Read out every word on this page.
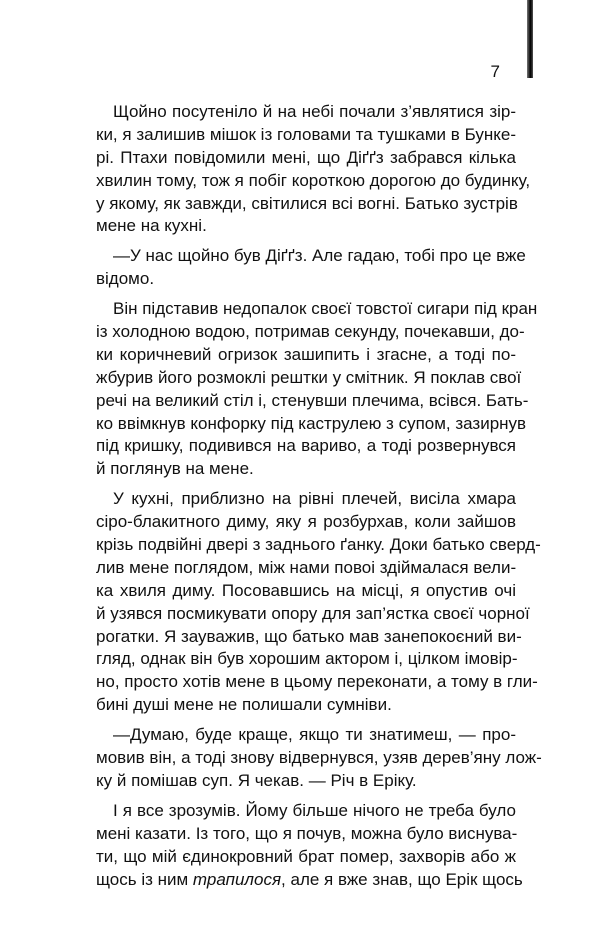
7
Щойно посутеніло й на небі почали з’являтися зір-
ки, я залишив мішок із головами та тушками в Бунке-
рі. Птахи повідомили мені, що Діґґз забрався кілька
хвилин тому, тож я побіг короткою дорогою до будинку,
у якому, як завжди, світилися всі вогні. Батько зустрів
мене на кухні.
—У нас щойно був Діґґз. Але гадаю, тобі про це вже
відомо.
Він підставив недопалок своєї товстої сигари під кран
із холодною водою, потримав секунду, почекавши, до-
ки коричневий огризок зашипить і згасне, а тоді по-
жбурив його розмоклі рештки у смітник. Я поклав свої
речі на великий стіл і, стенувши плечима, всівся. Бать-
ко ввімкнув конфорку під каструлею з супом, зазирнув
під кришку, подивився на вариво, а тоді розвернувся
й поглянув на мене.
У кухні, приблизно на рівні плечей, висіла хмара
сіро-блакитного диму, яку я розбурхав, коли зайшов
крізь подвійні двері з заднього ґанку. Доки батько сверд-
лив мене поглядом, між нами повоі здіймалася вели-
ка хвиля диму. Посовавшись на місці, я опустив очі
й узявся посмикувати опору для зап’ястка своєї чорної
рогатки. Я зауважив, що батько мав занепокоєний ви-
гляд, однак він був хорошим актором і, цілком імовір-
но, просто хотів мене в цьому переконати, а тому в гли-
бині душі мене не полишали сумніви.
—Думаю, буде краще, якщо ти знатимеш, — про-
мовив він, а тоді знову відвернувся, узяв дерев’яну лож-
ку й помішав суп. Я чекав. — Річ в Еріку.
І я все зрозумів. Йому більше нічого не треба було
мені казати. Із того, що я почув, можна було виснува-
ти, що мій єдинокровний брат помер, захворів або ж
щось із ним трапилося, але я вже знав, що Ерік щось
